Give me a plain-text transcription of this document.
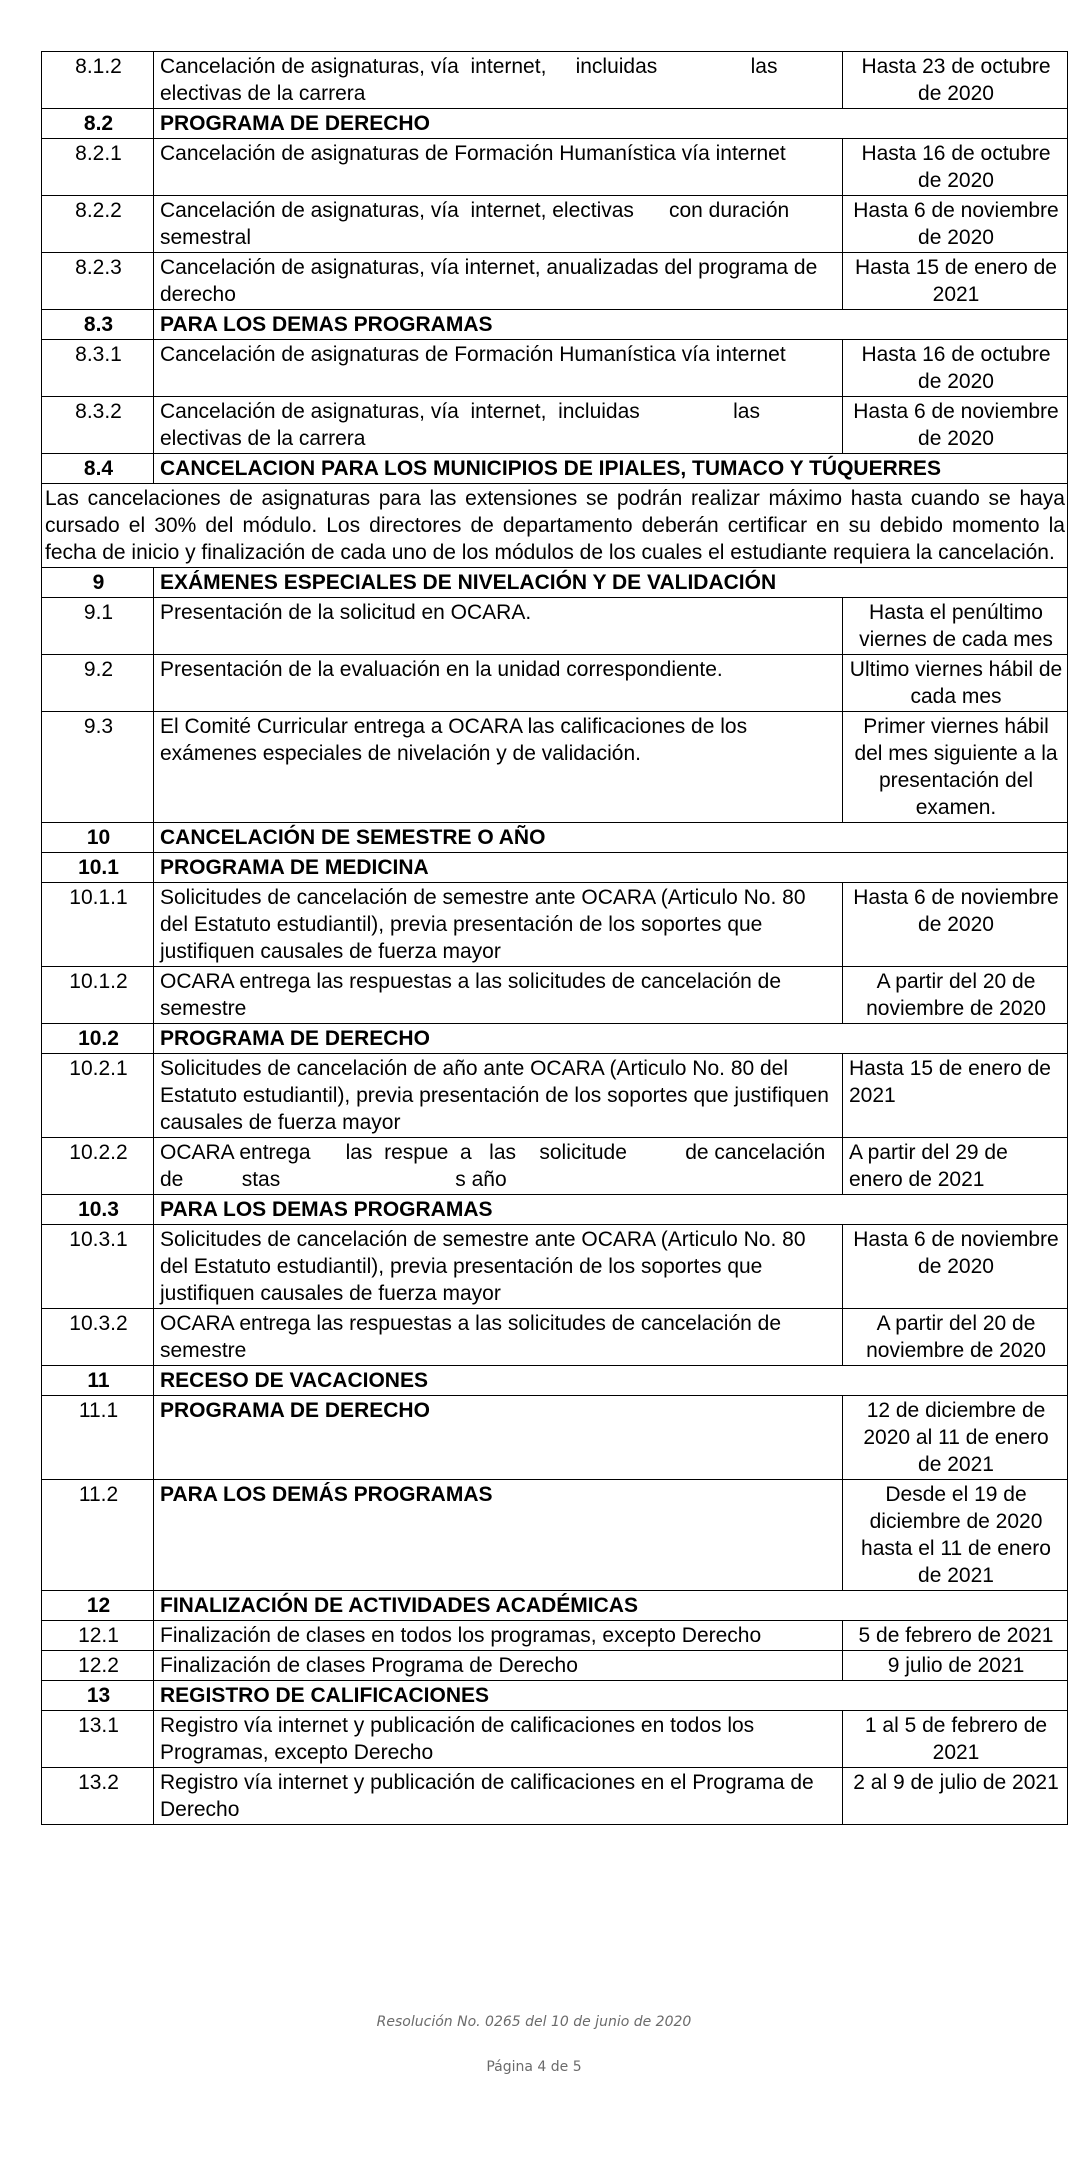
8.1.2	Cancelación de asignaturas, vía  internet,     incluidas                las electivas de la carrera	Hasta 23 de octubre de 2020
8.2	PROGRAMA DE DERECHO	
8.2.1	Cancelación de asignaturas de Formación Humanística vía internet	Hasta 16 de octubre de 2020
8.2.2	Cancelación de asignaturas, vía  internet, electivas      con duración semestral	Hasta 6 de noviembre de 2020
8.2.3	Cancelación de asignaturas, vía internet, anualizadas del programa de derecho	Hasta 15 de enero de 2021
8.3	PARA LOS DEMAS PROGRAMAS	
8.3.1	Cancelación de asignaturas de Formación Humanística vía internet	Hasta 16 de octubre de 2020
8.3.2	Cancelación de asignaturas, vía  internet,  incluidas                las electivas de la carrera	Hasta 6 de noviembre de 2020
8.4	CANCELACION PARA LOS MUNICIPIOS DE IPIALES, TUMACO Y TÚQUERRES	
Las cancelaciones de asignaturas para las extensiones se podrán realizar máximo hasta cuando se haya cursado el 30% del módulo. Los directores de departamento deberán certificar en su debido momento la fecha de inicio y finalización de cada uno de los módulos de los cuales el estudiante requiera la cancelación.		
9	EXÁMENES ESPECIALES DE NIVELACIÓN Y DE VALIDACIÓN	
9.1	Presentación de la solicitud en OCARA.	Hasta el penúltimo viernes de cada mes
9.2	Presentación de la evaluación en la unidad correspondiente.	Ultimo viernes hábil de cada mes
9.3	El Comité Curricular entrega a OCARA las calificaciones de los exámenes especiales de nivelación y de validación.	Primer viernes hábil del mes siguiente a la presentación del examen.
10	CANCELACIÓN DE SEMESTRE O AÑO	
10.1	PROGRAMA DE MEDICINA	
10.1.1	Solicitudes de cancelación de semestre ante OCARA (Articulo No. 80 del Estatuto estudiantil), previa presentación de los soportes que justifiquen causales de fuerza mayor	Hasta 6 de noviembre de 2020
10.1.2	OCARA entrega las respuestas a las solicitudes de cancelación de semestre	A partir del 20 de noviembre de 2020
10.2	PROGRAMA DE DERECHO	
10.2.1	Solicitudes de cancelación de año ante OCARA (Articulo No. 80 del Estatuto estudiantil), previa presentación de los soportes que justifiquen causales de fuerza mayor	Hasta 15 de enero de 2021
10.2.2	OCARA entrega      las  respue  a   las    solicitude          de cancelación de          stas                              s año	A partir del 29 de enero de 2021
10.3	PARA LOS DEMAS PROGRAMAS	
10.3.1	Solicitudes de cancelación de semestre ante OCARA (Articulo No. 80 del Estatuto estudiantil), previa presentación de los soportes que justifiquen causales de fuerza mayor	Hasta 6 de noviembre de 2020
10.3.2	OCARA entrega las respuestas a las solicitudes de cancelación de semestre	A partir del 20 de noviembre de 2020
11	RECESO DE VACACIONES	
11.1	PROGRAMA DE DERECHO	12 de diciembre de 2020 al 11 de enero de 2021
11.2	PARA LOS DEMÁS PROGRAMAS	Desde el 19 de diciembre de 2020 hasta el 11 de enero de 2021
12	FINALIZACIÓN DE ACTIVIDADES ACADÉMICAS	
12.1	Finalización de clases en todos los programas, excepto Derecho	5 de febrero de 2021
12.2	Finalización de clases Programa de Derecho	9 julio de 2021
13	REGISTRO DE CALIFICACIONES	
13.1	Registro vía internet y publicación de calificaciones en todos los Programas, excepto Derecho	1 al 5 de febrero de 2021
13.2	Registro vía internet y publicación de calificaciones en el Programa de Derecho	2 al 9 de julio de 2021
Resolución No. 0265 del 10 de junio de 2020
Página 4 de 5
